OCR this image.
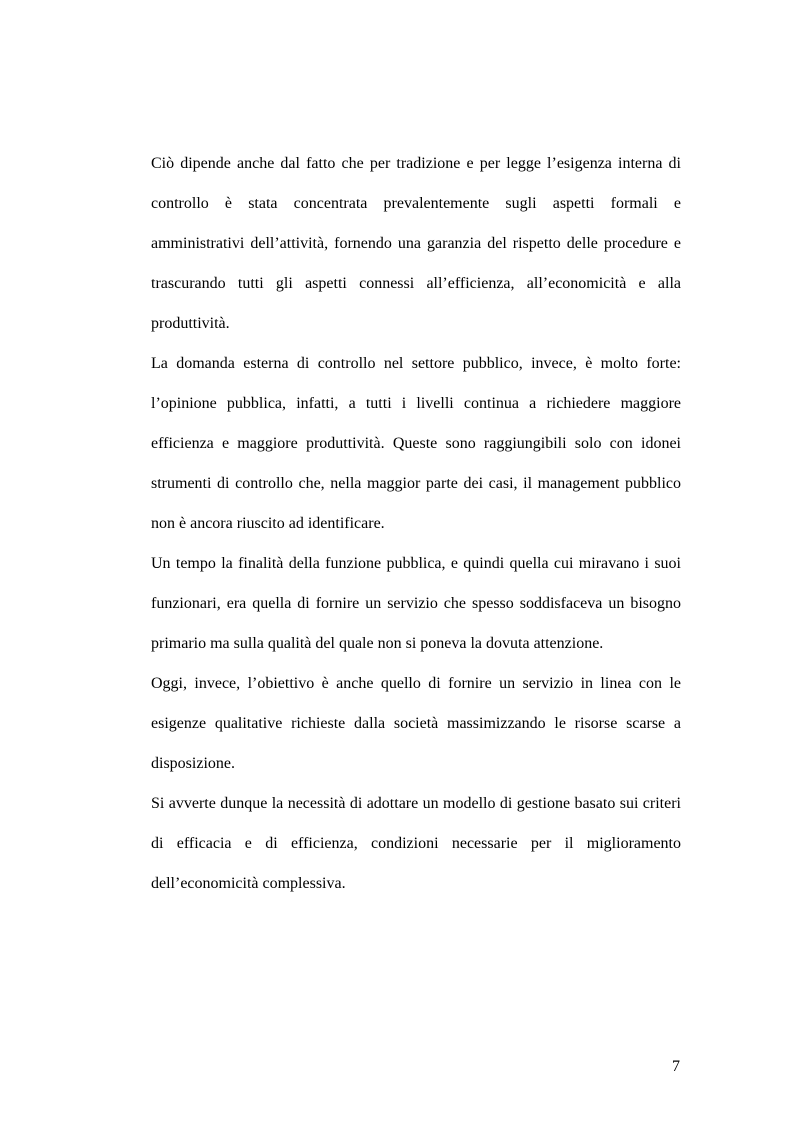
Ciò dipende anche dal fatto che per tradizione e per legge l’esigenza interna di controllo è stata concentrata prevalentemente sugli aspetti formali e amministrativi dell’attività, fornendo una garanzia del rispetto delle procedure e trascurando tutti gli aspetti connessi all’efficienza, all’economicità e alla produttività.

La domanda esterna di controllo nel settore pubblico, invece, è molto forte: l’opinione pubblica, infatti, a tutti i livelli continua a richiedere maggiore efficienza e maggiore produttività. Queste sono raggiungibili solo con idonei strumenti di controllo che, nella maggior parte dei casi, il management pubblico non è ancora riuscito ad identificare.

Un tempo la finalità della funzione pubblica, e quindi quella cui miravano i suoi funzionari, era quella di fornire un servizio che spesso soddisfaceva un bisogno primario ma sulla qualità del quale non si poneva la dovuta attenzione.

Oggi, invece, l’obiettivo è anche quello di fornire un servizio in linea con le esigenze qualitative richieste dalla società massimizzando le risorse scarse a disposizione.

Si avverte dunque la necessità di adottare un modello di gestione basato sui criteri di efficacia e di efficienza, condizioni necessarie per il miglioramento dell’economicità complessiva.

7
